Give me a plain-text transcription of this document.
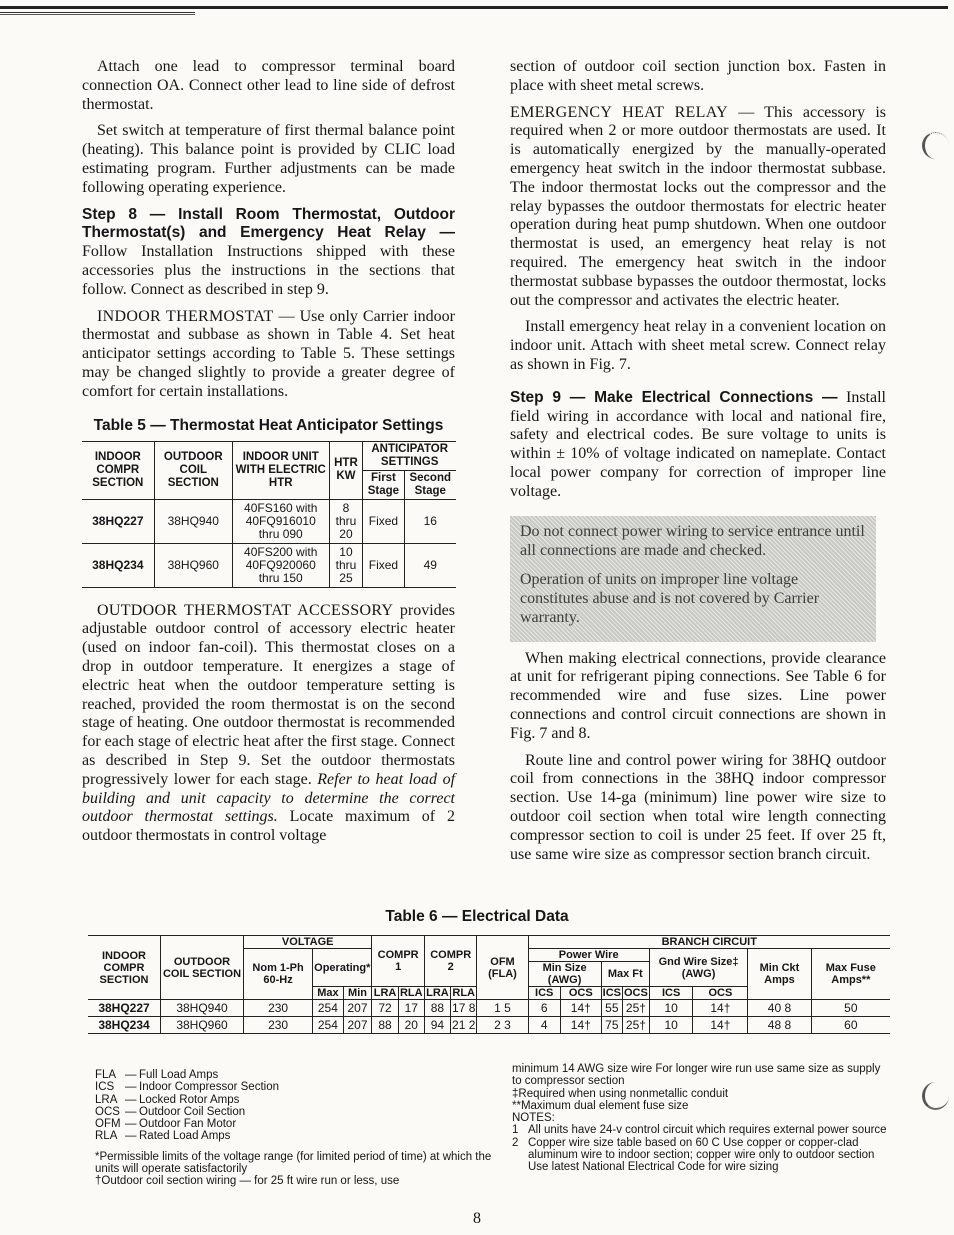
Attach one lead to compressor terminal board connection OA. Connect other lead to line side of defrost thermostat.

Set switch at temperature of first thermal balance point (heating). This balance point is provided by CLIC load estimating program. Further adjustments can be made following operating experience.

Step 8 — Install Room Thermostat, Outdoor Thermostat(s) and Emergency Heat Relay — Follow Installation Instructions shipped with these accessories plus the instructions in the sections that follow. Connect as described in step 9.

INDOOR THERMOSTAT — Use only Carrier indoor thermostat and subbase as shown in Table 4. Set heat anticipator settings according to Table 5. These settings may be changed slightly to provide a greater degree of comfort for certain installations.

Table 5 — Thermostat Heat Anticipator Settings
INDOOR COMPR SECTION	OUTDOOR COIL SECTION	INDOOR UNIT WITH ELECTRIC HTR	HTR KW	ANTICIPATOR SETTINGS	
				First Stage	Second Stage
38HQ227	38HQ940	40FS160 with 40FQ916010 thru 090	8 thru 20	Fixed	16
38HQ234	38HQ960	40FS200 with 40FQ920060 thru 150	10 thru 25	Fixed	49

OUTDOOR THERMOSTAT ACCESSORY provides adjustable outdoor control of accessory electric heater (used on indoor fan-coil). This thermostat closes on a drop in outdoor temperature. It energizes a stage of electric heat when the outdoor temperature setting is reached, provided the room thermostat is on the second stage of heating. One outdoor thermostat is recommended for each stage of electric heat after the first stage. Connect as described in Step 9. Set the outdoor thermostats progressively lower for each stage. Refer to heat load of building and unit capacity to determine the correct outdoor thermostat settings. Locate maximum of 2 outdoor thermostats in control voltage

section of outdoor coil section junction box. Fasten in place with sheet metal screws.

EMERGENCY HEAT RELAY — This accessory is required when 2 or more outdoor thermostats are used. It is automatically energized by the manually-operated emergency heat switch in the indoor thermostat subbase. The indoor thermostat locks out the compressor and the relay bypasses the outdoor thermostats for electric heater operation during heat pump shutdown. When one outdoor thermostat is used, an emergency heat relay is not required. The emergency heat switch in the indoor thermostat subbase bypasses the outdoor thermostat, locks out the compressor and activates the electric heater.

Install emergency heat relay in a convenient location on indoor unit. Attach with sheet metal screw. Connect relay as shown in Fig. 7.

Step 9 — Make Electrical Connections — Install field wiring in accordance with local and national fire, safety and electrical codes. Be sure voltage to units is within ± 10% of voltage indicated on nameplate. Contact local power company for correction of improper line voltage.

Do not connect power wiring to service entrance until all connections are made and checked.

Operation of units on improper line voltage constitutes abuse and is not covered by Carrier warranty.

When making electrical connections, provide clearance at unit for refrigerant piping connections. See Table 6 for recommended wire and fuse sizes. Line power connections and control circuit connections are shown in Fig. 7 and 8.

Route line and control power wiring for 38HQ outdoor coil from connections in the 38HQ indoor compressor section. Use 14-ga (minimum) line power wire size to outdoor coil section when total wire length connecting compressor section to coil is under 25 feet. If over 25 ft, use same wire size as compressor section branch circuit.

Table 6 — Electrical Data
INDOOR COMPR SECTION	OUTDOOR COIL SECTION	VOLTAGE			COMPR 1		COMPR 2		OFM (FLA)	BRANCH CIRCUIT							
		Nom 1-Ph 60-Hz	Operating*							Power Wire				Gnd Wire Size‡ (AWG)		Min Ckt Amps	Max Fuse Amps**
										Min Size (AWG)		Max Ft					
			Max	Min	LRA	RLA	LRA	RLA		ICS	OCS	ICS	OCS	ICS	OCS		
38HQ227	38HQ940	230	254	207	72	17	88	17 8	1 5	6	14†	55	25†	10	14†	40 8	50
38HQ234	38HQ960	230	254	207	88	20	94	21 2	2 3	4	14†	75	25†	10	14†	48 8	60
FLA — Full Load Amps
ICS — Indoor Compressor Section
LRA — Locked Rotor Amps
OCS — Outdoor Coil Section
OFM — Outdoor Fan Motor
RLA — Rated Load Amps
*Permissible limits of the voltage range (for limited period of time) at which the units will operate satisfactorily
†Outdoor coil section wiring — for 25 ft wire run or less, use
minimum 14 AWG size wire For longer wire run use same size as supply to compressor section
‡Required when using nonmetallic conduit
**Maximum dual element fuse size
NOTES:
1 All units have 24-v control circuit which requires external power source
2 Copper wire size table based on 60 C Use copper or copper-clad aluminum wire to indoor section; copper wire only to outdoor section Use latest National Electrical Code for wire sizing
8
